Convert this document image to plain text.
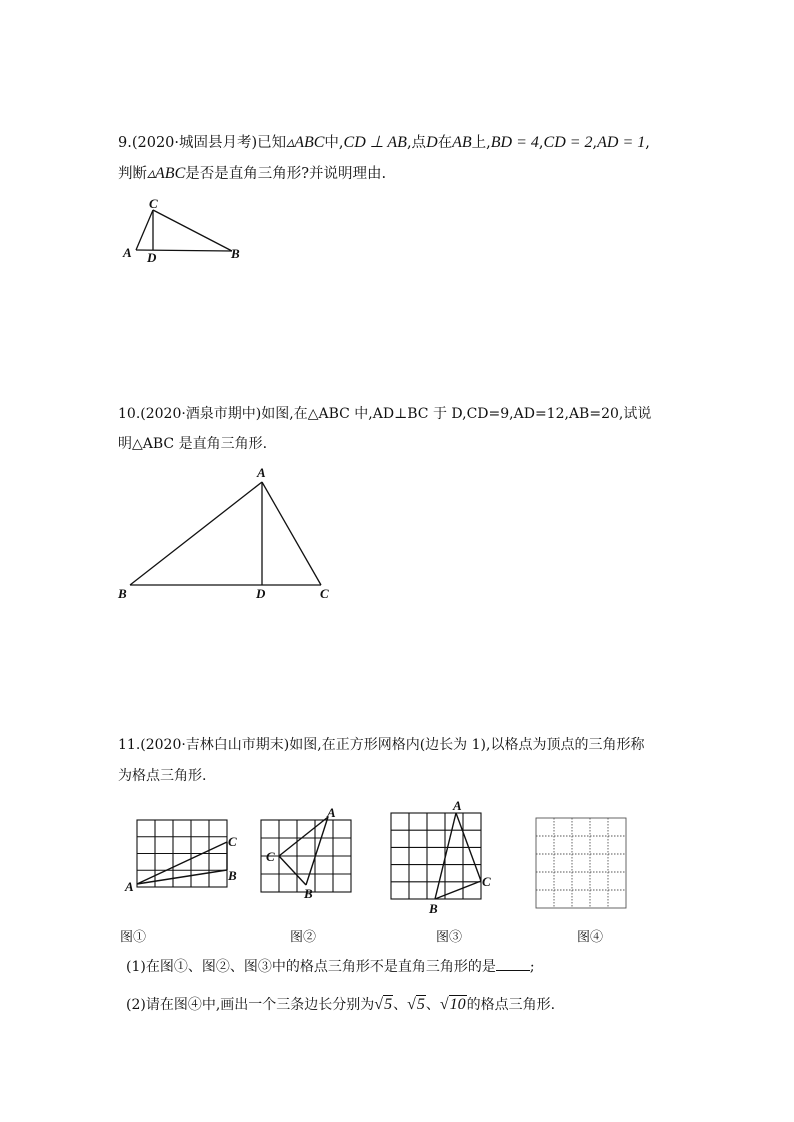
9.(2020·城固县月考)已知▵ABC中,CD ⊥ AB,点D在AB上,BD = 4,CD = 2,AD = 1,
判断▵ABC是否是直角三角形?并说明理由.
C
A D	B
10.(2020·酒泉市期中)如图,在△ABC 中,AD⊥BC 于 D,CD=9,AD=12,AB=20,试说
明△ABC 是直角三角形.
A
B	D	C
11.(2020·吉林白山市期末)如图,在正方形网格内(边长为 1),以格点为顶点的三角形称
为格点三角形.
A
B
C
A
C
B
A
B
C
图①	图②	图③	图④
(1)在图①、图②、图③中的格点三角形不是直角三角形的是 ;
(2)请在图④中,画出一个三条边长分别为√5、√5、√10的格点三角形.
